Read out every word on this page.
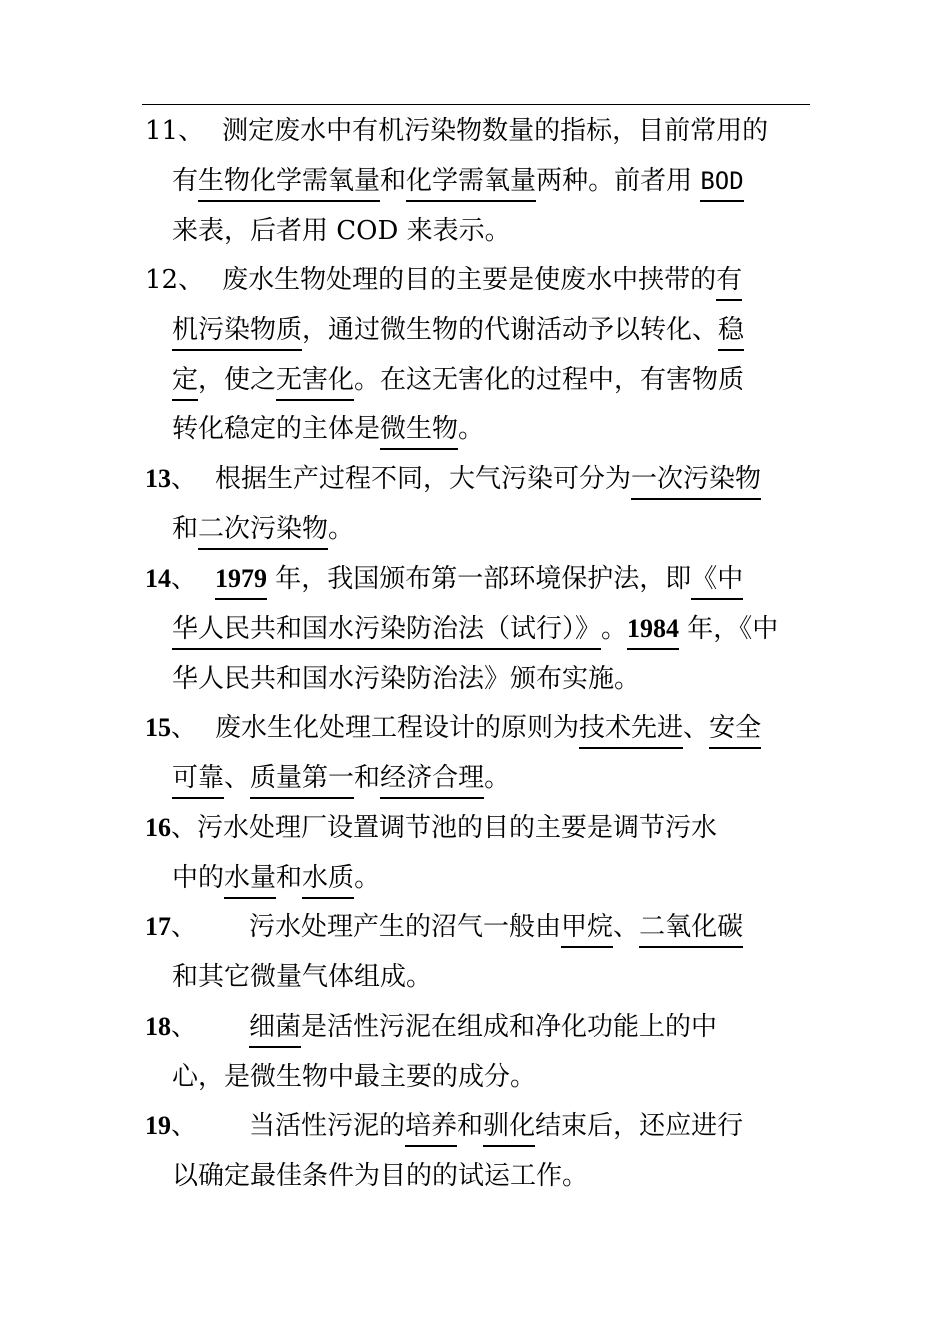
11、 测定废水中有机污染物数量的指标，目前常用的
有生物化学需氧量和化学需氧量两种。前者用 BOD
来表，后者用 COD 来表示。
12、 废水生物处理的目的主要是使废水中挟带的有
机污染物质，通过微生物的代谢活动予以转化、稳
定，使之无害化。在这无害化的过程中，有害物质
转化稳定的主体是微生物。
13、 根据生产过程不同，大气污染可分为一次污染物
和二次污染物。
14、 1979 年，我国颁布第一部环境保护法，即《中
华人民共和国水污染防治法（试行）》。1984 年，《中
华人民共和国水污染防治法》颁布实施。
15、 废水生化处理工程设计的原则为技术先进、安全
可靠、质量第一和经济合理。
16、污水处理厂设置调节池的目的主要是调节污水
中的水量和水质。
17、 污水处理产生的沼气一般由甲烷、二氧化碳
和其它微量气体组成。
18、 细菌是活性污泥在组成和净化功能上的中
心，是微生物中最主要的成分。
19、 当活性污泥的培养和驯化结束后，还应进行
以确定最佳条件为目的的试运工作。
